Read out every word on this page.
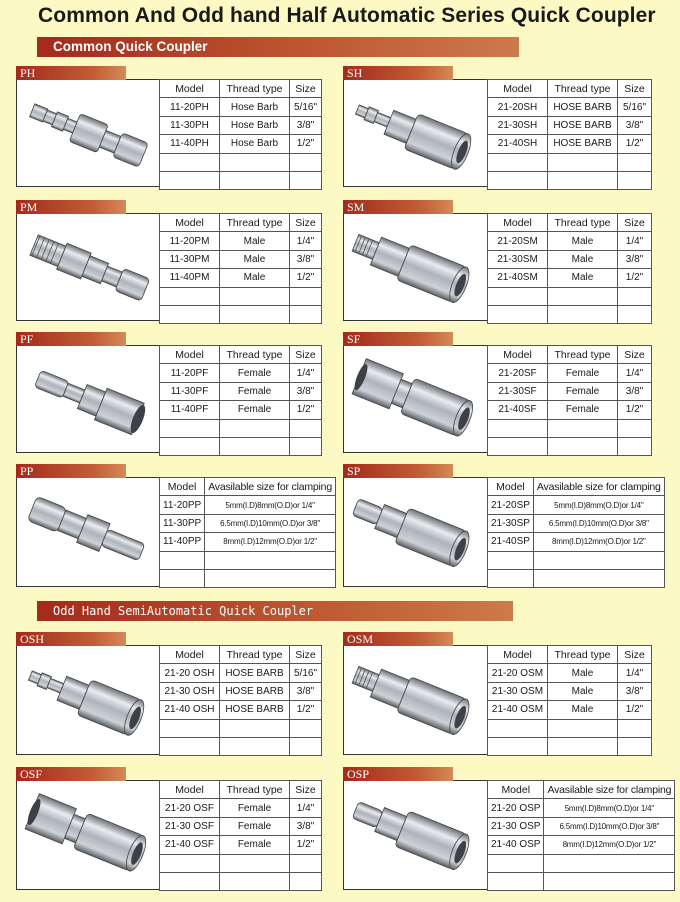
Common And Odd hand Half Automatic Series Quick Coupler
Common Quick Coupler
Odd Hand SemiAutomatic Quick Coupler
PH
Model	Thread type	Size
11-20PH	Hose Barb	5/16"
11-30PH	Hose Barb	3/8"
11-40PH	Hose Barb	1/2"

SH
Model	Thread type	Size
21-20SH	HOSE BARB	5/16"
21-30SH	HOSE BARB	3/8"
21-40SH	HOSE BARB	1/2"

PM
Model	Thread type	Size
11-20PM	Male	1/4"
11-30PM	Male	3/8"
11-40PM	Male	1/2"

SM
Model	Thread type	Size
21-20SM	Male	1/4"
21-30SM	Male	3/8"
21-40SM	Male	1/2"

PF
Model	Thread type	Size
11-20PF	Female	1/4"
11-30PF	Female	3/8"
11-40PF	Female	1/2"

SF
Model	Thread type	Size
21-20SF	Female	1/4"
21-30SF	Female	3/8"
21-40SF	Female	1/2"

PP
Model	Avasilable size for clamping
11-20PP	5mm(I.D)8mm(O.D)or 1/4"
11-30PP	6.5mm(I.D)10mm(O.D)or 3/8"
11-40PP	8mm(I.D)12mm(O.D)or 1/2"

SP
Model	Avasilable size for clamping
21-20SP	5mm(I.D)8mm(O.D)or 1/4"
21-30SP	6.5mm(I.D)10mm(O.D)or 3/8"
21-40SP	8mm(I.D)12mm(O.D)or 1/2"

OSH
Model	Thread type	Size
21-20 OSH	HOSE BARB	5/16"
21-30 OSH	HOSE BARB	3/8"
21-40 OSH	HOSE BARB	1/2"

OSM
Model	Thread type	Size
21-20 OSM	Male	1/4"
21-30 OSM	Male	3/8"
21-40 OSM	Male	1/2"

OSF
Model	Thread type	Size
21-20 OSF	Female	1/4"
21-30 OSF	Female	3/8"
21-40 OSF	Female	1/2"

OSP
Model	Avasilable size for clamping
21-20 OSP	5mm(I.D)8mm(O.D)or 1/4"
21-30 OSP	6.5mm(I.D)10mm(O.D)or 3/8"
21-40 OSP	8mm(I.D)12mm(O.D)or 1/2"
